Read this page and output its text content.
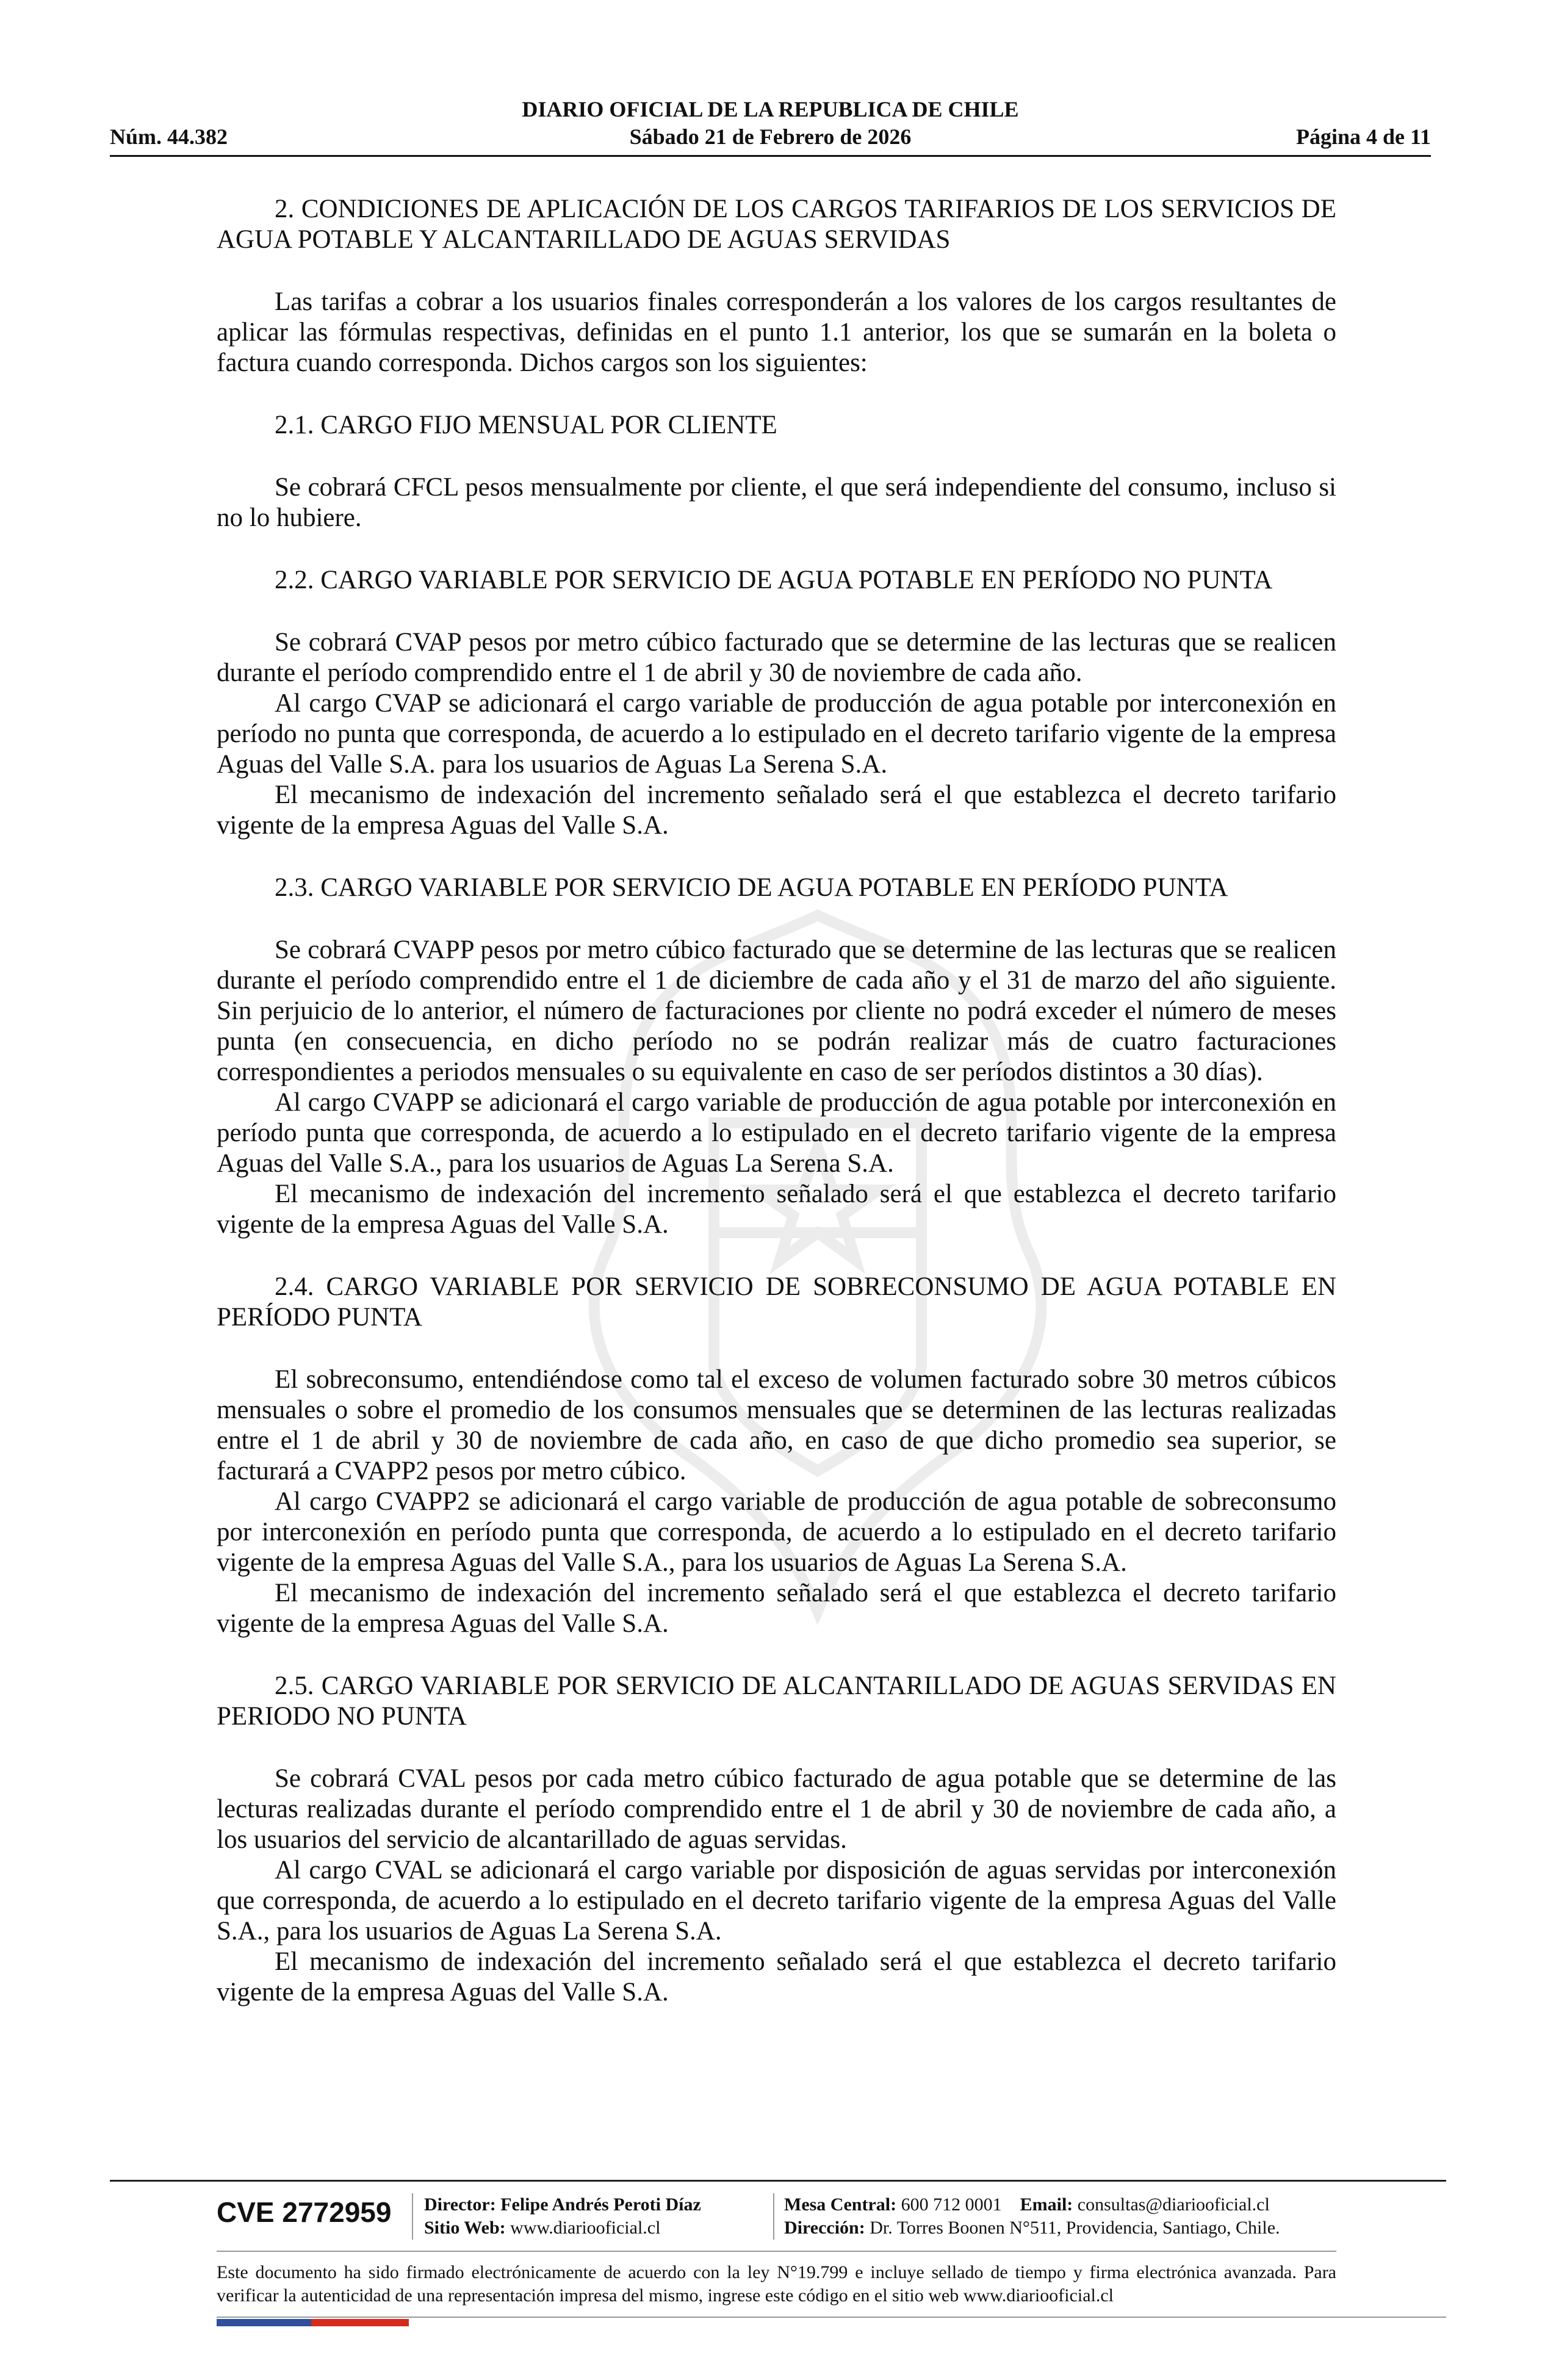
DIARIO OFICIAL DE LA REPUBLICA DE CHILE
Núm. 44.382	Sábado 21 de Febrero de 2026	Página 4 de 11

2. CONDICIONES DE APLICACIÓN DE LOS CARGOS TARIFARIOS DE LOS SERVICIOS DE AGUA POTABLE Y ALCANTARILLADO DE AGUAS SERVIDAS

Las tarifas a cobrar a los usuarios finales corresponderán a los valores de los cargos resultantes de aplicar las fórmulas respectivas, definidas en el punto 1.1 anterior, los que se sumarán en la boleta o factura cuando corresponda. Dichos cargos son los siguientes:

2.1. CARGO FIJO MENSUAL POR CLIENTE

Se cobrará CFCL pesos mensualmente por cliente, el que será independiente del consumo, incluso si no lo hubiere.

2.2. CARGO VARIABLE POR SERVICIO DE AGUA POTABLE EN PERÍODO NO PUNTA

Se cobrará CVAP pesos por metro cúbico facturado que se determine de las lecturas que se realicen durante el período comprendido entre el 1 de abril y 30 de noviembre de cada año.

Al cargo CVAP se adicionará el cargo variable de producción de agua potable por interconexión en período no punta que corresponda, de acuerdo a lo estipulado en el decreto tarifario vigente de la empresa Aguas del Valle S.A. para los usuarios de Aguas La Serena S.A.

El mecanismo de indexación del incremento señalado será el que establezca el decreto tarifario vigente de la empresa Aguas del Valle S.A.

2.3. CARGO VARIABLE POR SERVICIO DE AGUA POTABLE EN PERÍODO PUNTA

Se cobrará CVAPP pesos por metro cúbico facturado que se determine de las lecturas que se realicen durante el período comprendido entre el 1 de diciembre de cada año y el 31 de marzo del año siguiente. Sin perjuicio de lo anterior, el número de facturaciones por cliente no podrá exceder el número de meses punta (en consecuencia, en dicho período no se podrán realizar más de cuatro facturaciones correspondientes a periodos mensuales o su equivalente en caso de ser períodos distintos a 30 días).

Al cargo CVAPP se adicionará el cargo variable de producción de agua potable por interconexión en período punta que corresponda, de acuerdo a lo estipulado en el decreto tarifario vigente de la empresa Aguas del Valle S.A., para los usuarios de Aguas La Serena S.A.

El mecanismo de indexación del incremento señalado será el que establezca el decreto tarifario vigente de la empresa Aguas del Valle S.A.

2.4. CARGO VARIABLE POR SERVICIO DE SOBRECONSUMO DE AGUA POTABLE EN PERÍODO PUNTA

El sobreconsumo, entendiéndose como tal el exceso de volumen facturado sobre 30 metros cúbicos mensuales o sobre el promedio de los consumos mensuales que se determinen de las lecturas realizadas entre el 1 de abril y 30 de noviembre de cada año, en caso de que dicho promedio sea superior, se facturará a CVAPP2 pesos por metro cúbico.

Al cargo CVAPP2 se adicionará el cargo variable de producción de agua potable de sobreconsumo por interconexión en período punta que corresponda, de acuerdo a lo estipulado en el decreto tarifario vigente de la empresa Aguas del Valle S.A., para los usuarios de Aguas La Serena S.A.

El mecanismo de indexación del incremento señalado será el que establezca el decreto tarifario vigente de la empresa Aguas del Valle S.A.

2.5. CARGO VARIABLE POR SERVICIO DE ALCANTARILLADO DE AGUAS SERVIDAS EN PERIODO NO PUNTA

Se cobrará CVAL pesos por cada metro cúbico facturado de agua potable que se determine de las lecturas realizadas durante el período comprendido entre el 1 de abril y 30 de noviembre de cada año, a los usuarios del servicio de alcantarillado de aguas servidas.

Al cargo CVAL se adicionará el cargo variable por disposición de aguas servidas por interconexión que corresponda, de acuerdo a lo estipulado en el decreto tarifario vigente de la empresa Aguas del Valle S.A., para los usuarios de Aguas La Serena S.A.

El mecanismo de indexación del incremento señalado será el que establezca el decreto tarifario vigente de la empresa Aguas del Valle S.A.

CVE 2772959 Director: Felipe Andrés Peroti Díaz
Sitio Web: www.diariooficial.cl
Mesa Central: 600 712 0001 Email: consultas@diariooficial.cl
Dirección: Dr. Torres Boonen N°511, Providencia, Santiago, Chile.
Este documento ha sido firmado electrónicamente de acuerdo con la ley N°19.799 e incluye sellado de tiempo y firma electrónica avanzada. Para verificar la autenticidad de una representación impresa del mismo, ingrese este código en el sitio web www.diariooficial.cl
